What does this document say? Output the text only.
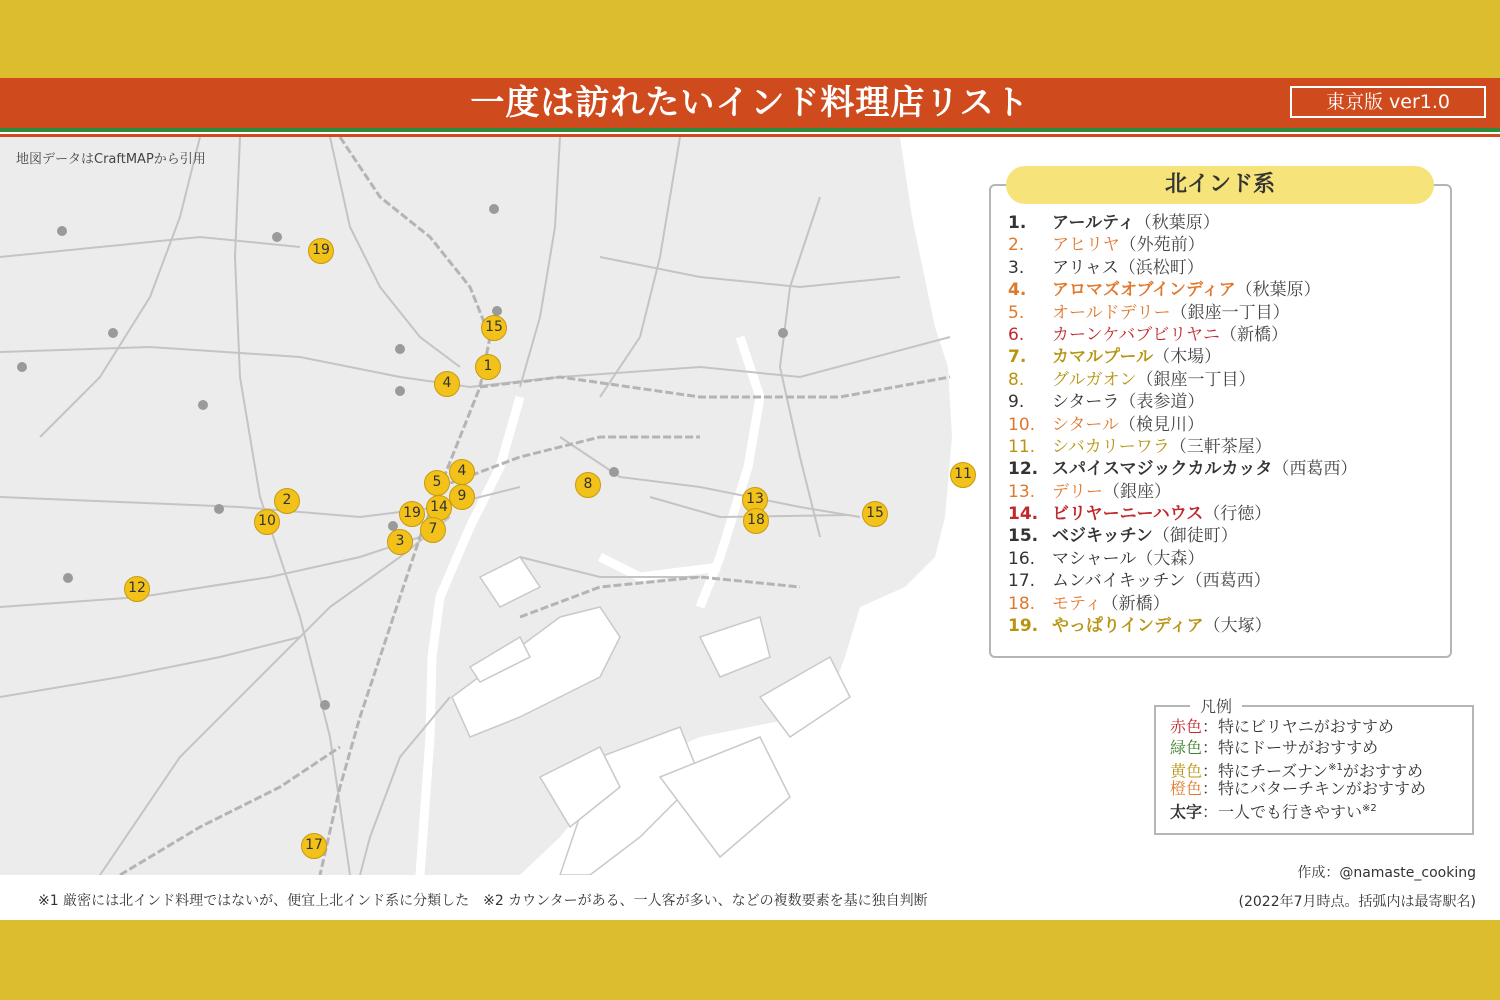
一度は訪れたいインド料理店リスト	東京版 ver1.0
地図データはCraftMAPから引用
19
15
1
4
4
5
9
14
19
7
3
2
10
12
8
13
18	15
11
17
北インド系
1. アールティ（秋葉原）
2. アヒリヤ（外苑前）
3. アリャス（浜松町）
4. アロマズオブインディア（秋葉原）
5. オールドデリー（銀座一丁目）
6. カーンケバブビリヤニ（新橋）
7. カマルプール（木場）
8. グルガオン（銀座一丁目）
9. シターラ（表参道）
10. シタール（検見川）
11. シバカリーワラ（三軒茶屋）
12. スパイスマジックカルカッタ（西葛西）
13. デリー（銀座）
14. ビリヤーニーハウス（行徳）
15. ベジキッチン（御徒町）
16. マシャール（大森）
17. ムンバイキッチン（西葛西）
18. モティ（新橋）
19. やっぱりインディア（大塚）
凡例
赤色：特にビリヤニがおすすめ
緑色：特にドーサがおすすめ
黄色：特にチーズナン$^{※1}$がおすすめ
橙色：特にバターチキンがおすすめ
太字：一人でも行きやすい$^{※2}$
作成：@namaste_cooking
※1 厳密には北インド料理ではないが、便宜上北インド系に分類した　※2 カウンターがある、一人客が多い、などの複数要素を基に独自判断	(2022年7月時点。括弧内は最寄駅名)
